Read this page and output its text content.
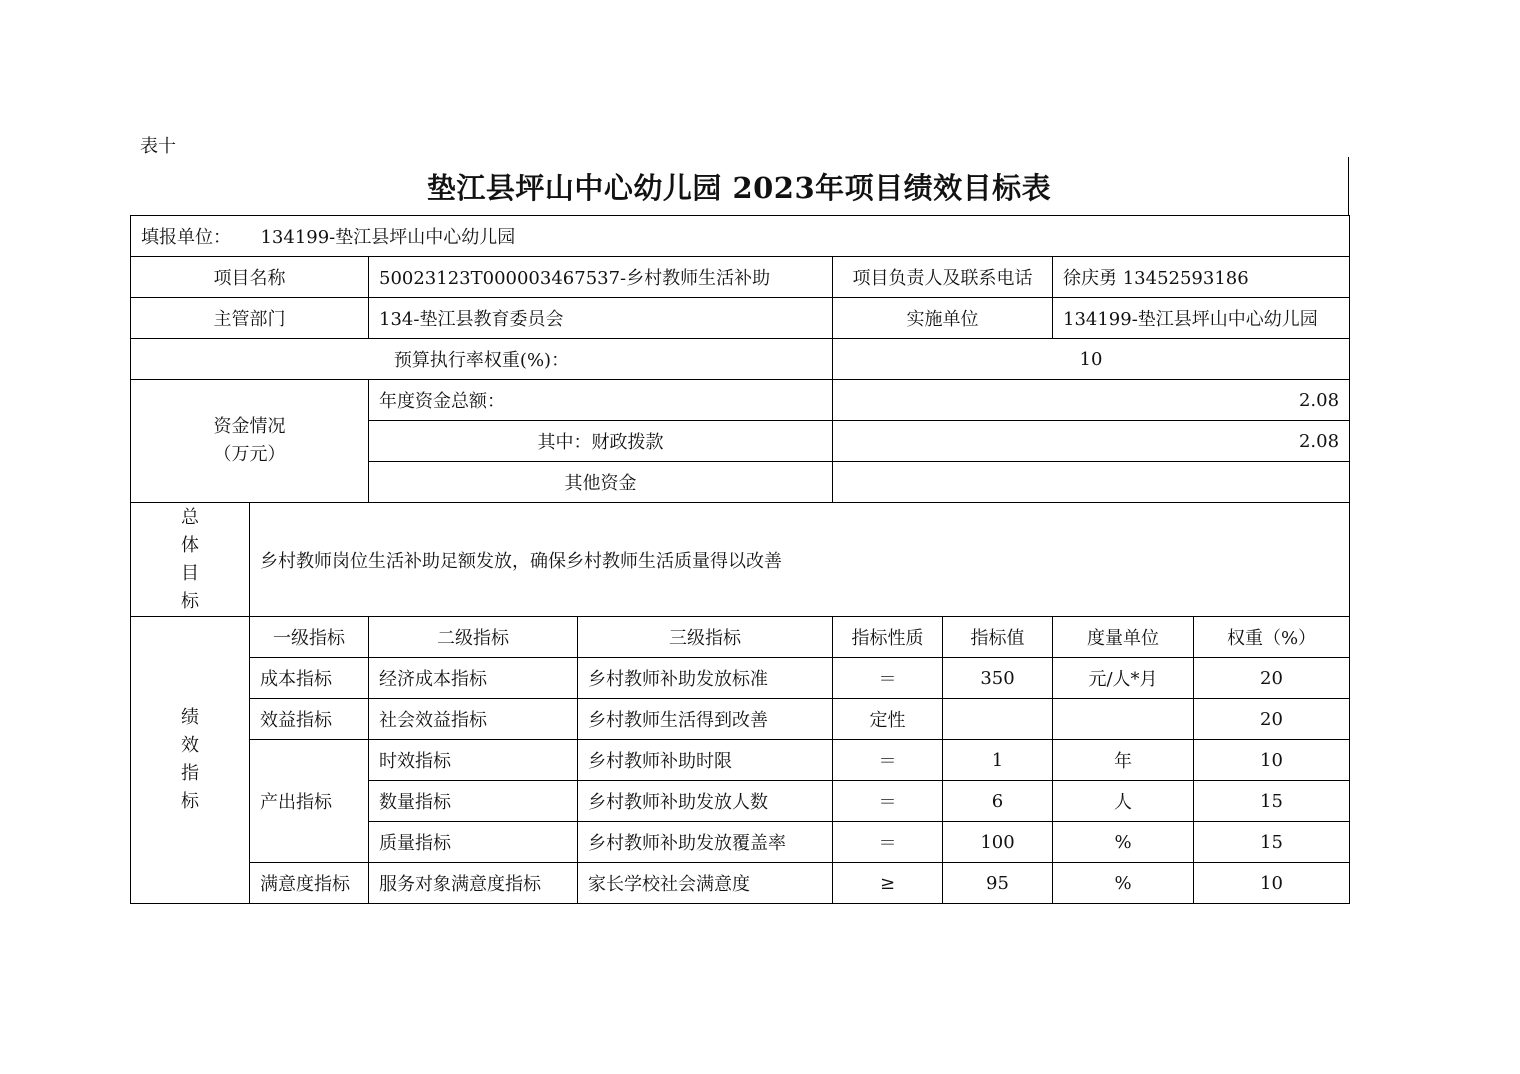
表十
垫江县坪山中心幼儿园 2023年项目绩效目标表
填报单位： 134199-垫江县坪山中心幼儿园							
项目名称		50023123T000003467537-乡村教师生活补助		项目负责人及联系电话		徐庆勇 13452593186	
主管部门		134-垫江县教育委员会		实施单位		134199-垫江县坪山中心幼儿园	
预算执行率权重(%)：				10			

资金情况
（万元）		年度资金总额：		2.08			
		其中：财政拨款		2.08			
		其他资金					

总
体
目
标	乡村教师岗位生活补助足额发放，确保乡村教师生活质量得以改善						

绩
效
指
标	一级指标	二级指标	三级指标	指标性质	指标值	度量单位	权重（%）
	成本指标	经济成本指标	乡村教师补助发放标准	＝	350	元/人*月	20
	效益指标	社会效益指标	乡村教师生活得到改善	定性			20
	产出指标	时效指标	乡村教师补助时限	＝	1	年	10
		数量指标	乡村教师补助发放人数	＝	6	人	15
		质量指标	乡村教师补助发放覆盖率	＝	100	%	15
	满意度指标	服务对象满意度指标	家长学校社会满意度	≥	95	%	10
